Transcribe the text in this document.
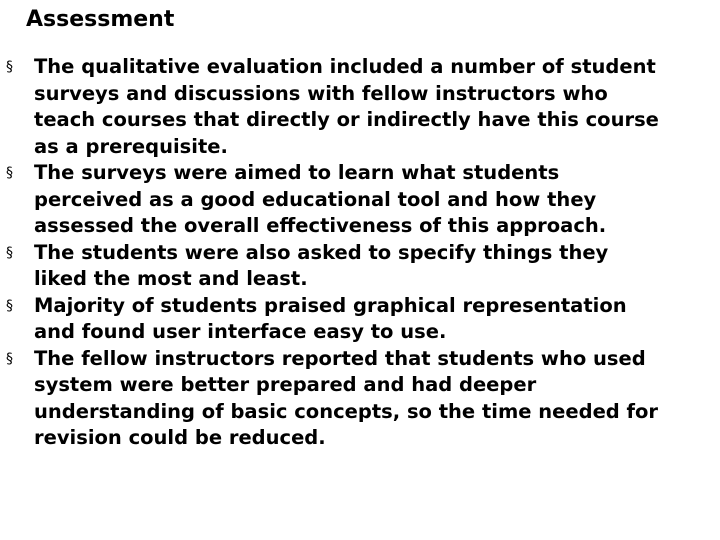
Assessment
§ The qualitative evaluation included a number of student
surveys and discussions with fellow instructors who
teach courses that directly or indirectly have this course
as a prerequisite.
§ The surveys were aimed to learn what students
perceived as a good educational tool and how they
assessed the overall effectiveness of this approach.
§ The students were also asked to specify things they
liked the most and least.
§ Majority of students praised graphical representation
and found user interface easy to use.
§ The fellow instructors reported that students who used
system were better prepared and had deeper
understanding of basic concepts, so the time needed for
revision could be reduced.
